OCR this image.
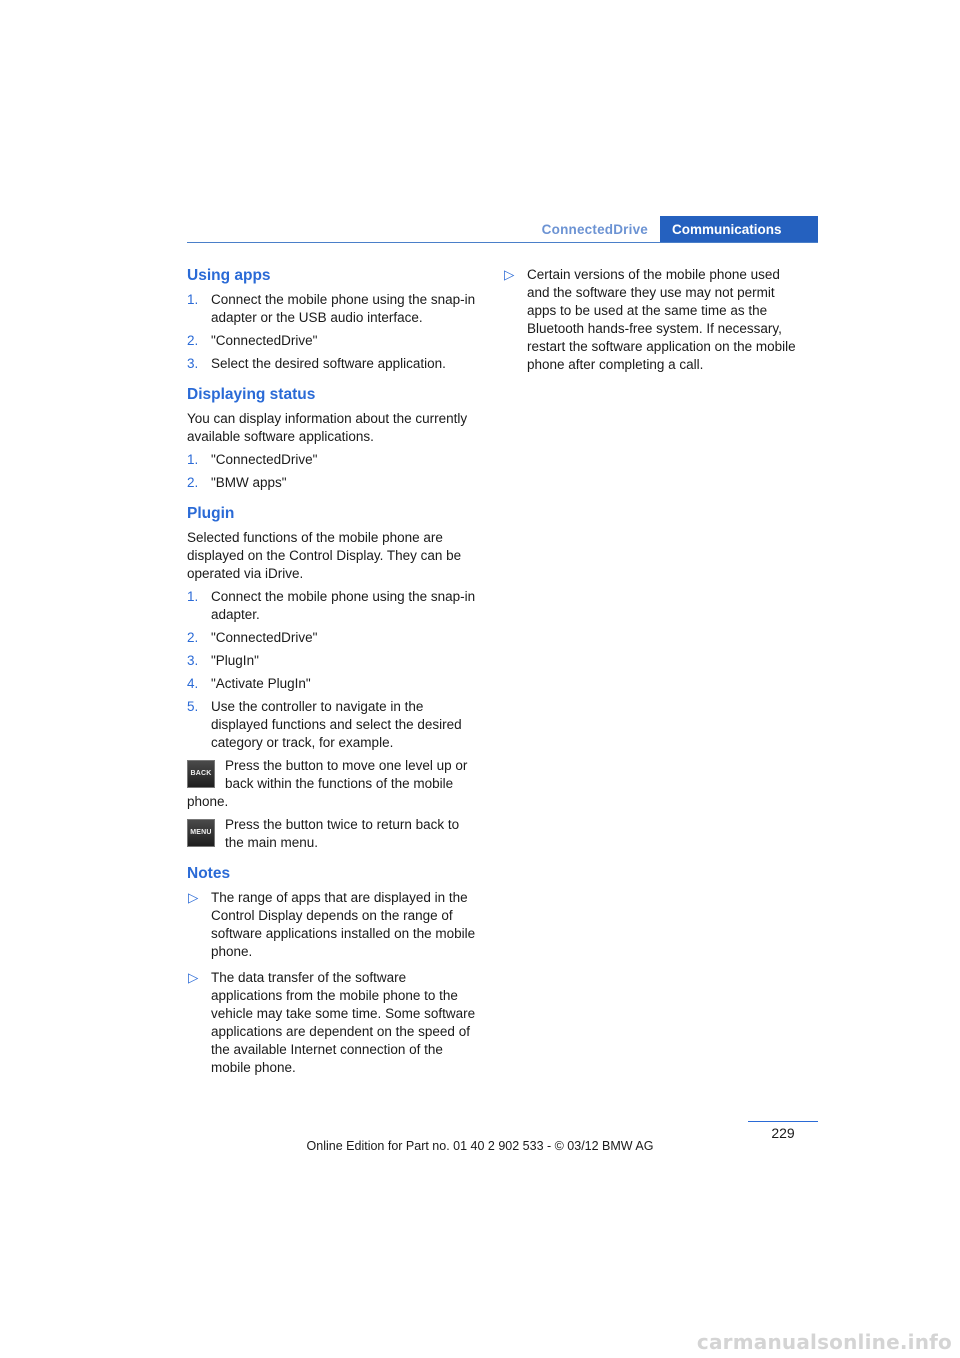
ConnectedDrive	Communications
Using apps
1. Connect the mobile phone using the snap-in adapter or the USB audio interface.
2. "ConnectedDrive"
3. Select the desired software application.
Displaying status

You can display information about the currently available software applications.

1. "ConnectedDrive"
2. "BMW apps"
Plugin

Selected functions of the mobile phone are displayed on the Control Display. They can be operated via iDrive.

1. Connect the mobile phone using the snap-in adapter.
2. "ConnectedDrive"
3. "PlugIn"
4. "Activate PlugIn"
5. Use the controller to navigate in the displayed functions and select the desired category or track, for example.
BACK
Press the button to move one level up or back within the functions of the mobile phone.
MENU
Press the button twice to return back to the main menu.
Notes
▷ The range of apps that are displayed in the Control Display depends on the range of software applications installed on the mobile phone.
▷ The data transfer of the software applications from the mobile phone to the vehicle may take some time. Some software applications are dependent on the speed of the available Internet connection of the mobile phone.
▷ Certain versions of the mobile phone used and the software they use may not permit apps to be used at the same time as the Bluetooth hands-free system. If necessary, restart the software application on the mobile phone after completing a call.
229
Online Edition for Part no. 01 40 2 902 533 - © 03/12 BMW AG
carmanualsonline.info
